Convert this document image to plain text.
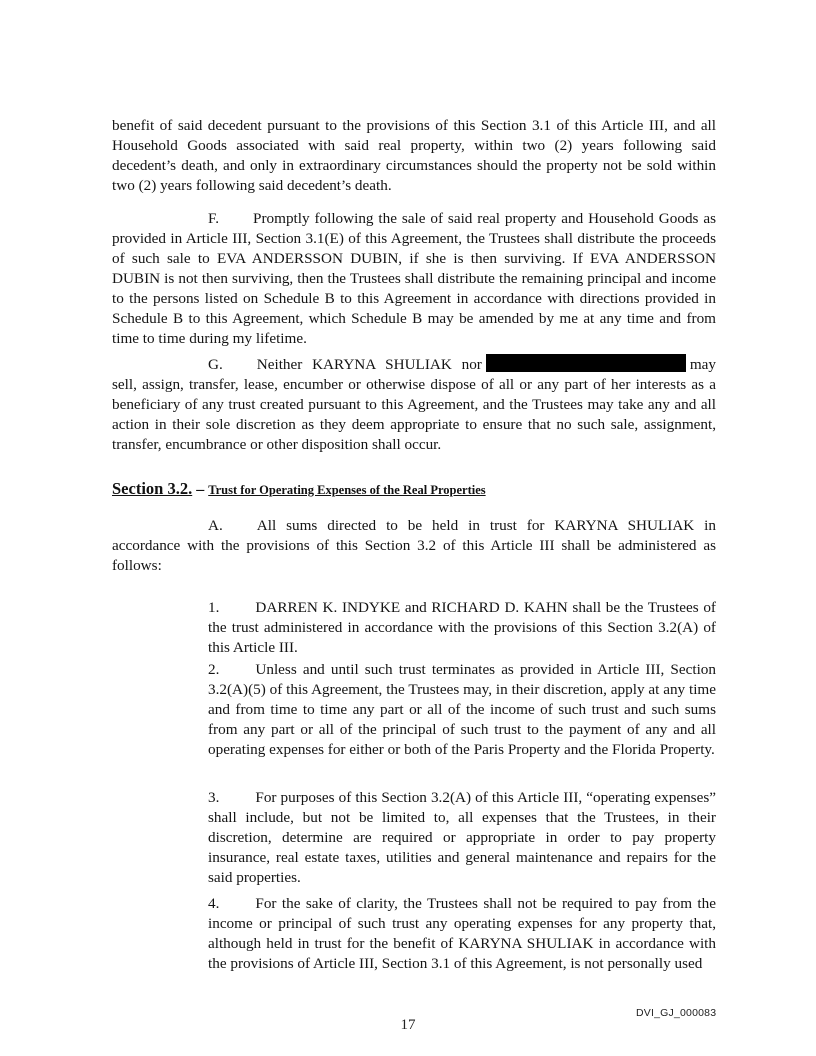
benefit of said decedent pursuant to the provisions of this Section 3.1 of this Article III, and all Household Goods associated with said real property, within two (2) years following said decedent’s death, and only in extraordinary circumstances should the property not be sold within two (2) years following said decedent’s death.

F. Promptly following the sale of said real property and Household Goods as provided in Article III, Section 3.1(E) of this Agreement, the Trustees shall distribute the proceeds of such sale to EVA ANDERSSON DUBIN, if she is then surviving. If EVA ANDERSSON DUBIN is not then surviving, then the Trustees shall distribute the remaining principal and income to the persons listed on Schedule B to this Agreement in accordance with directions provided in Schedule B to this Agreement, which Schedule B may be amended by me at any time and from time to time during my lifetime.

G. Neither KARYNA SHULIAK nor	may sell, assign, transfer, lease, encumber or otherwise dispose of all or any part of her interests as a beneficiary of any trust created pursuant to this Agreement, and the Trustees may take any and all action in their sole discretion as they deem appropriate to ensure that no such sale, assignment, transfer, encumbrance or other disposition shall occur.

Section 3.2. – Trust for Operating Expenses of the Real Properties

A. All sums directed to be held in trust for KARYNA SHULIAK in accordance with the provisions of this Section 3.2 of this Article III shall be administered as follows:

1. DARREN K. INDYKE and RICHARD D. KAHN shall be the Trustees of the trust administered in accordance with the provisions of this Section 3.2(A) of this Article III.

2. Unless and until such trust terminates as provided in Article III, Section 3.2(A)(5) of this Agreement, the Trustees may, in their discretion, apply at any time and from time to time any part or all of the income of such trust and such sums from any part or all of the principal of such trust to the payment of any and all operating expenses for either or both of the Paris Property and the Florida Property.

3. For purposes of this Section 3.2(A) of this Article III, “operating expenses” shall include, but not be limited to, all expenses that the Trustees, in their discretion, determine are required or appropriate in order to pay property insurance, real estate taxes, utilities and general maintenance and repairs for the said properties.

4. For the sake of clarity, the Trustees shall not be required to pay from the income or principal of such trust any operating expenses for any property that, although held in trust for the benefit of KARYNA SHULIAK in accordance with the provisions of Article III, Section 3.1 of this Agreement, is not personally used

DVI_GJ_000083
17
